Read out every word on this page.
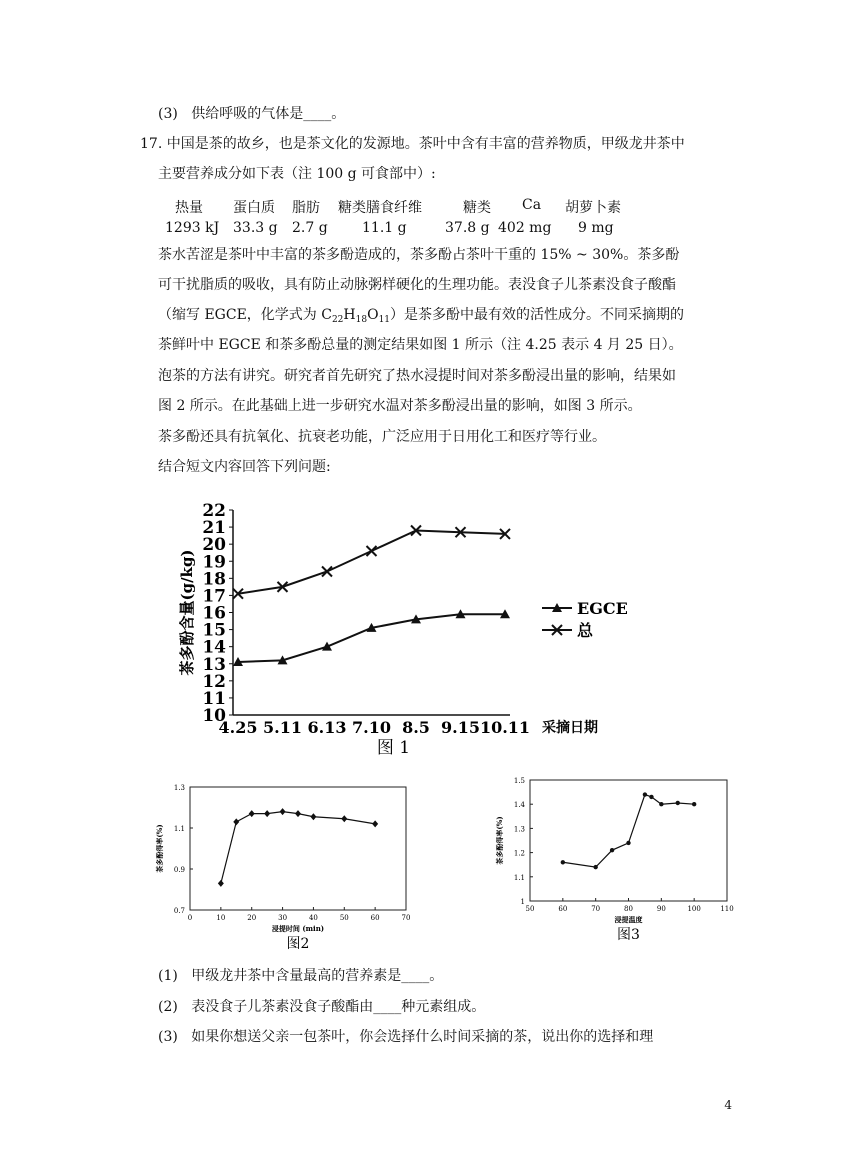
(3) 供给呼吸的气体是____。
17. 中国是茶的故乡，也是茶文化的发源地。茶叶中含有丰富的营养物质，甲级龙井茶中
主要营养成分如下表（注 100 g 可食部中）:
热量 蛋白质 脂肪 糖类膳食纤维	糖类 Ca 胡萝卜素
1293 kJ 33.3 g 2.7 g 11.1 g	37.8 g 402 mg 9 mg
茶水苦涩是茶叶中丰富的茶多酚造成的，茶多酚占茶叶干重的 15% ~ 30%。茶多酚
可干扰脂质的吸收，具有防止动脉粥样硬化的生理功能。表没食子儿茶素没食子酸酯
（缩写 EGCE，化学式为 $C_{22}H_{18}O_{11}$）是茶多酚中最有效的活性成分。不同采摘期的
茶鲜叶中 EGCE 和茶多酚总量的测定结果如图 1 所示（注 4.25 表示 4 月 25 日）。
泡茶的方法有讲究。研究者首先研究了热水浸提时间对茶多酚浸出量的影响，结果如
图 2 所示。在此基础上进一步研究水温对茶多酚浸出量的影响，如图 3 所示。
茶多酚还具有抗氧化、抗衰老功能，广泛应用于日用化工和医疗等行业。
结合短文内容回答下列问题:
10
11
12
13
14
15
16
17
18
19
20
21
22
4.25 5.11 6.13 7.10 8.5 9.15 10.11 采摘日期
茶多酚含量(g/kg)
图 1
EGCE
总
0.7
0.9
1.1
1.3
0	10	20	30	40	50	60	70
浸提时间 (min)
茶多酚得率(%)
图2
1
1.1
1.2
1.3
1.4
1.5
50	60	70	80	90	100	110
浸提温度
茶多酚得率(%)
图3
(1) 甲级龙井茶中含量最高的营养素是____。
(2) 表没食子儿茶素没食子酸酯由____种元素组成。
(3) 如果你想送父亲一包茶叶，你会选择什么时间采摘的茶，说出你的选择和理
4
